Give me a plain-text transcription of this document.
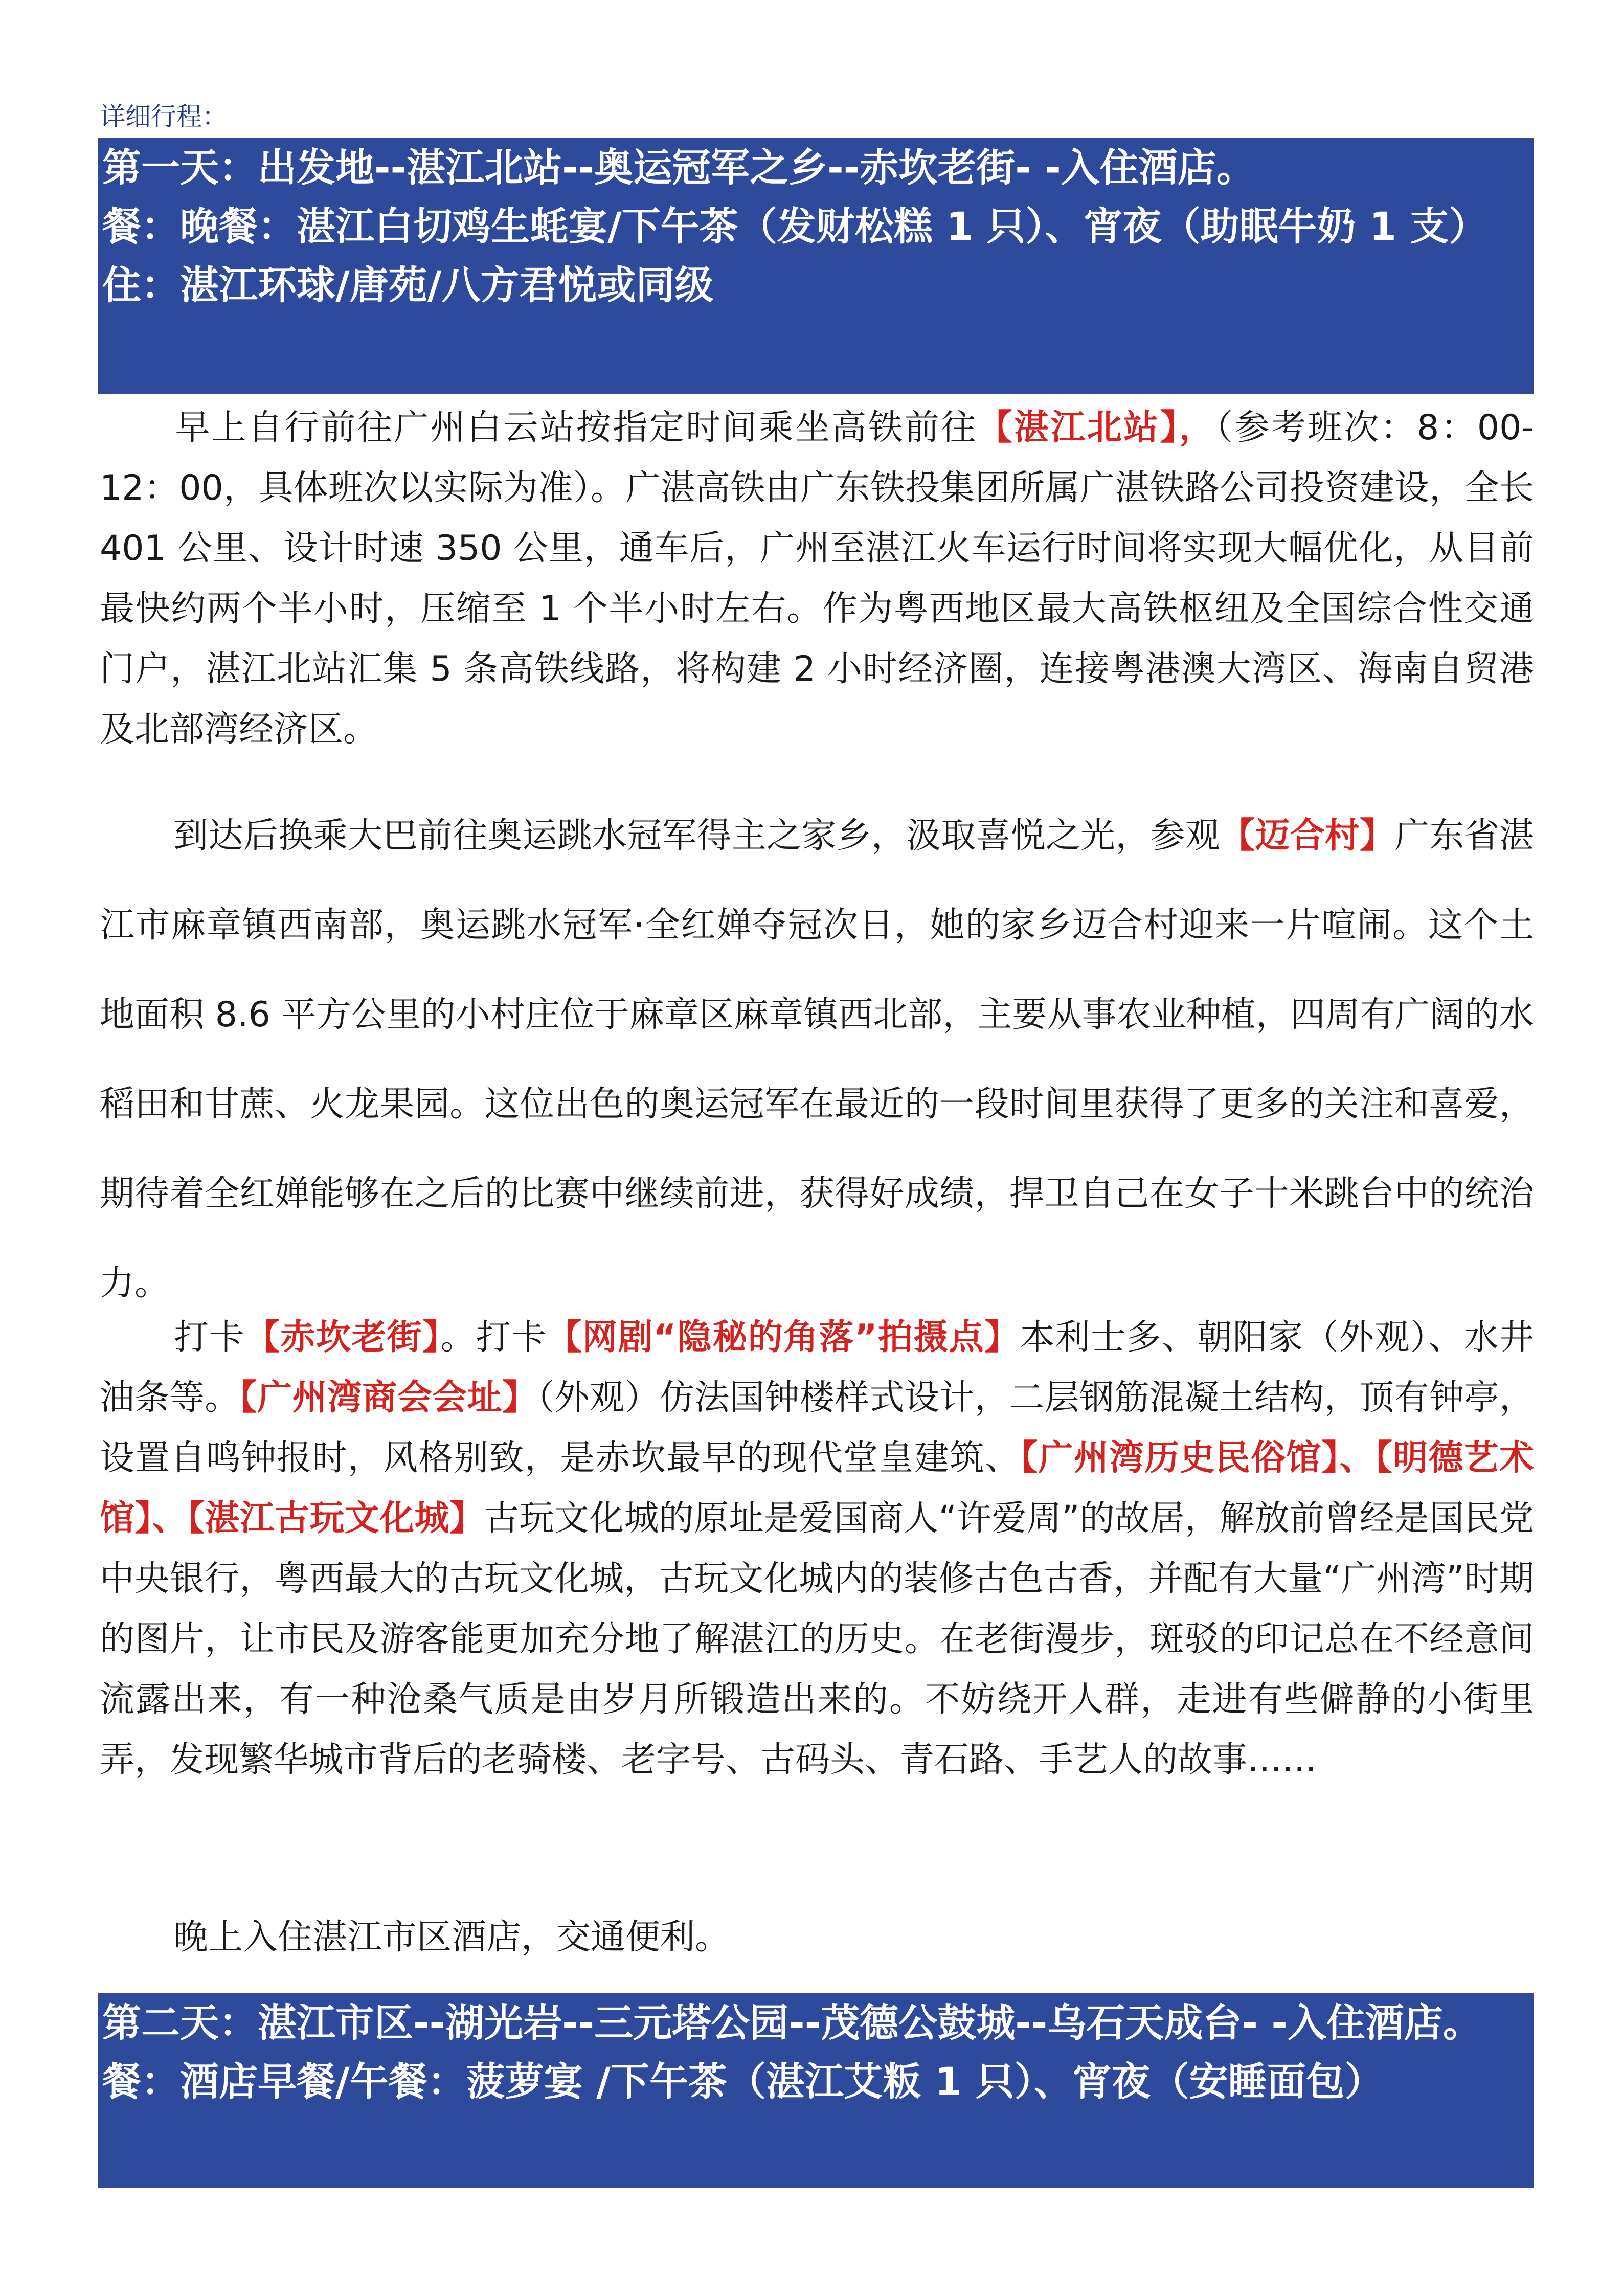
详细行程：
第一天：出发地--湛江北站--奥运冠军之乡--赤坎老街- -入住酒店。
餐：晚餐：湛江白切鸡生蚝宴/下午茶（发财松糕 1 只）、宵夜（助眠牛奶 1 支）
住：湛江环球/唐苑/八方君悦或同级
早上自行前往广州白云站按指定时间乘坐高铁前往【湛江北站】，（参考班次：8：00-12：00，具体班次以实际为准）。广湛高铁由广东铁投集团所属广湛铁路公司投资建设，全长 401 公里、设计时速 350 公里，通车后，广州至湛江火车运行时间将实现大幅优化，从目前最快约两个半小时，压缩至 1 个半小时左右。作为粤西地区最大高铁枢纽及全国综合性交通门户，湛江北站汇集 5 条高铁线路，将构建 2 小时经济圈，连接粤港澳大湾区、海南自贸港及北部湾经济区。
到达后换乘大巴前往奥运跳水冠军得主之家乡，汲取喜悦之光，参观【迈合村】广东省湛江市麻章镇西南部，奥运跳水冠军·全红婵夺冠次日，她的家乡迈合村迎来一片喧闹。这个土地面积 8.6 平方公里的小村庄位于麻章区麻章镇西北部，主要从事农业种植，四周有广阔的水稻田和甘蔗、火龙果园。这位出色的奥运冠军在最近的一段时间里获得了更多的关注和喜爱，期待着全红婵能够在之后的比赛中继续前进，获得好成绩，捍卫自己在女子十米跳台中的统治力。
打卡【赤坎老街】。打卡【网剧“隐秘的角落”拍摄点】本利士多、朝阳家（外观）、水井油条等。【广州湾商会会址】（外观）仿法国钟楼样式设计，二层钢筋混凝土结构，顶有钟亭，设置自鸣钟报时，风格别致，是赤坎最早的现代堂皇建筑、【广州湾历史民俗馆】、【明德艺术馆】、【湛江古玩文化城】古玩文化城的原址是爱国商人“许爱周”的故居，解放前曾经是国民党中央银行，粤西最大的古玩文化城，古玩文化城内的装修古色古香，并配有大量“广州湾”时期的图片，让市民及游客能更加充分地了解湛江的历史。在老街漫步，斑驳的印记总在不经意间流露出来，有一种沧桑气质是由岁月所锻造出来的。不妨绕开人群，走进有些僻静的小街里弄，发现繁华城市背后的老骑楼、老字号、古码头、青石路、手艺人的故事……
晚上入住湛江市区酒店，交通便利。
第二天：湛江市区--湖光岩--三元塔公园--茂德公鼓城--乌石天成台- -入住酒店。
餐：酒店早餐/午餐：菠萝宴 /下午茶（湛江艾粄 1 只）、宵夜（安睡面包）
